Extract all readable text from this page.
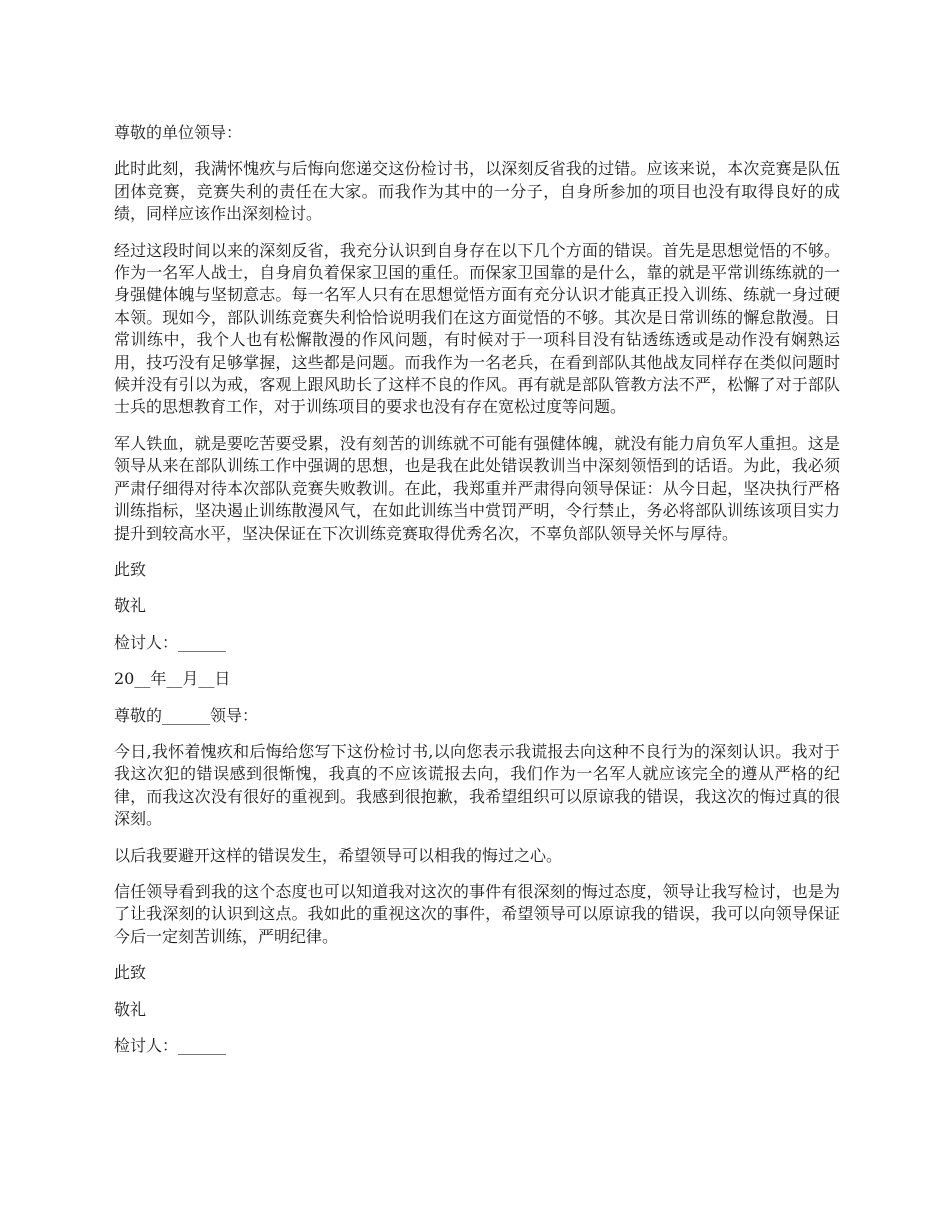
尊敬的单位领导：

此时此刻，我满怀愧疚与后悔向您递交这份检讨书，以深刻反省我的过错。应该来说，本次竞赛是队伍团体竞赛，竞赛失利的责任在大家。而我作为其中的一分子，自身所参加的项目也没有取得良好的成绩，同样应该作出深刻检讨。

经过这段时间以来的深刻反省，我充分认识到自身存在以下几个方面的错误。首先是思想觉悟的不够。作为一名军人战士，自身肩负着保家卫国的重任。而保家卫国靠的是什么，靠的就是平常训练练就的一身强健体魄与坚韧意志。每一名军人只有在思想觉悟方面有充分认识才能真正投入训练、练就一身过硬本领。现如今，部队训练竞赛失利恰恰说明我们在这方面觉悟的不够。其次是日常训练的懈怠散漫。日常训练中，我个人也有松懈散漫的作风问题，有时候对于一项科目没有钻透练透或是动作没有娴熟运用，技巧没有足够掌握，这些都是问题。而我作为一名老兵，在看到部队其他战友同样存在类似问题时候并没有引以为戒，客观上跟风助长了这样不良的作风。再有就是部队管教方法不严，松懈了对于部队士兵的思想教育工作，对于训练项目的要求也没有存在宽松过度等问题。

军人铁血，就是要吃苦要受累，没有刻苦的训练就不可能有强健体魄，就没有能力肩负军人重担。这是领导从来在部队训练工作中强调的思想，也是我在此处错误教训当中深刻领悟到的话语。为此，我必须严肃仔细得对待本次部队竞赛失败教训。在此，我郑重并严肃得向领导保证：从今日起，坚决执行严格训练指标，坚决遏止训练散漫风气，在如此训练当中赏罚严明，令行禁止，务必将部队训练该项目实力提升到较高水平，坚决保证在下次训练竞赛取得优秀名次，不辜负部队领导关怀与厚待。

此致

敬礼

检讨人：______

20__年__月__日

尊敬的______领导：

今日,我怀着愧疚和后悔给您写下这份检讨书,以向您表示我谎报去向这种不良行为的深刻认识。我对于我这次犯的错误感到很惭愧，我真的不应该谎报去向，我们作为一名军人就应该完全的遵从严格的纪律，而我这次没有很好的重视到。我感到很抱歉，我希望组织可以原谅我的错误，我这次的悔过真的很深刻。

以后我要避开这样的错误发生，希望领导可以相我的悔过之心。

信任领导看到我的这个态度也可以知道我对这次的事件有很深刻的悔过态度，领导让我写检讨，也是为了让我深刻的认识到这点。我如此的重视这次的事件，希望领导可以原谅我的错误，我可以向领导保证今后一定刻苦训练，严明纪律。

此致

敬礼

检讨人：______
